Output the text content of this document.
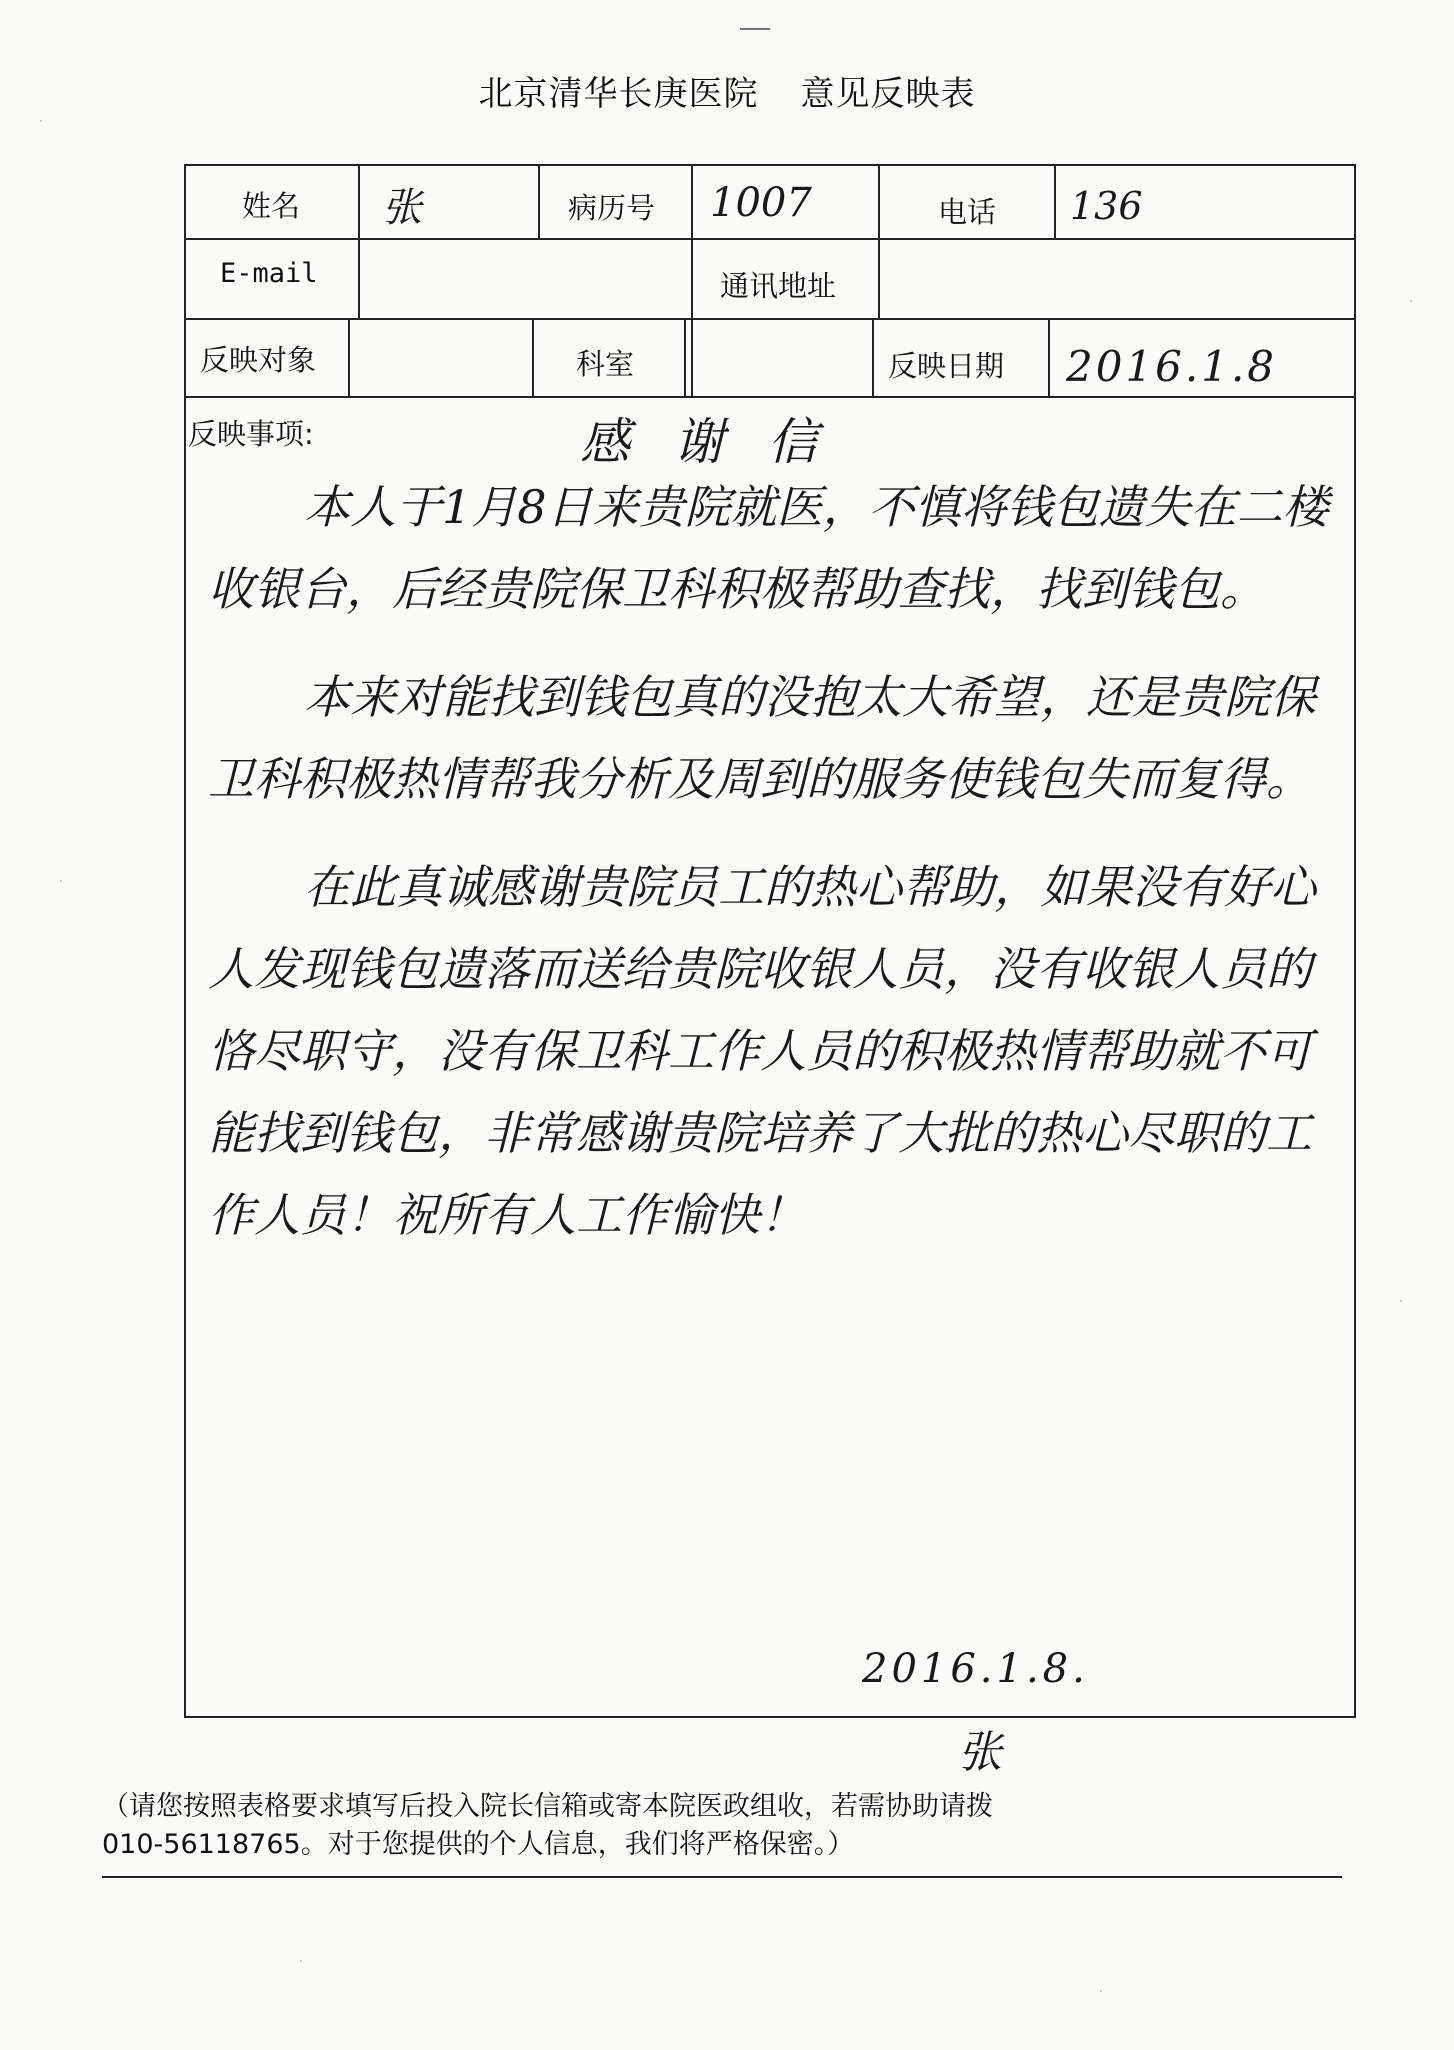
北京清华长庚医院 意见反映表
姓名 张	病历号 1007	电话 136
E-mail	通讯地址
反映对象	科室	反映日期 2016.1.8
反映事项:	感 谢 信

本人于1月8日来贵院就医，不慎将钱包遗失在二楼收银台，后经贵院保卫科积极帮助查找，找到钱包。

本来对能找到钱包真的没抱太大希望，还是贵院保卫科积极热情帮我分析及周到的服务使钱包失而复得。

在此真诚感谢贵院员工的热心帮助，如果没有好心人发现钱包遗落而送给贵院收银人员，没有收银人员的恪尽职守，没有保卫科工作人员的积极热情帮助就不可能找到钱包，非常感谢贵院培养了大批的热心尽职的工作人员！祝所有人工作愉快！

2016.1.8.
张
（请您按照表格要求填写后投入院长信箱或寄本院医政组收，若需协助请拨
010-56118765。对于您提供的个人信息，我们将严格保密。）
